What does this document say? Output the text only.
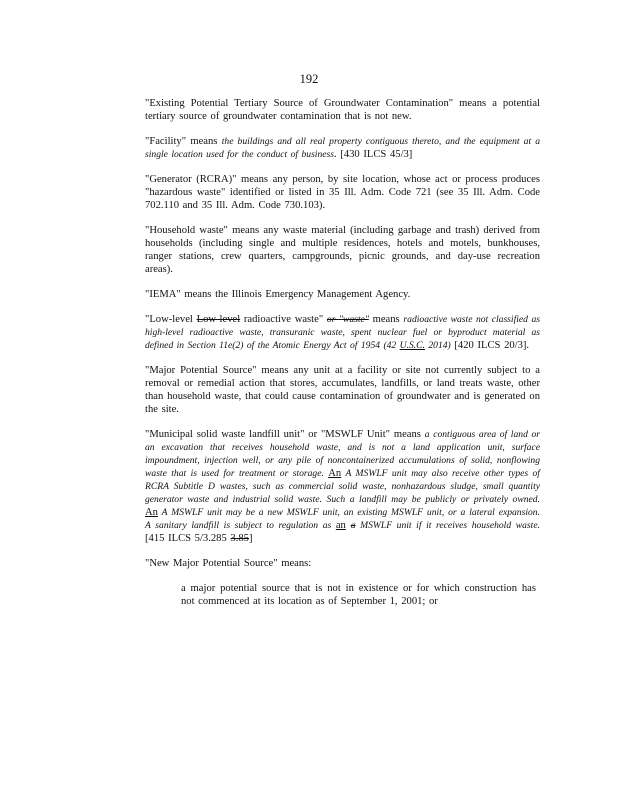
192

"Existing Potential Tertiary Source of Groundwater Contamination" means a potential tertiary source of groundwater contamination that is not new.

"Facility" means the buildings and all real property contiguous thereto, and the equipment at a single location used for the conduct of business. [430 ILCS 45/3]

"Generator (RCRA)" means any person, by site location, whose act or process produces "hazardous waste" identified or listed in 35 Ill. Adm. Code 721 (see 35 Ill. Adm. Code 702.110 and 35 Ill. Adm. Code 730.103).

"Household waste" means any waste material (including garbage and trash) derived from households (including single and multiple residences, hotels and motels, bunkhouses, ranger stations, crew quarters, campgrounds, picnic grounds, and day-use recreation areas).

"IEMA" means the Illinois Emergency Management Agency.

"Low-level Low-level radioactive waste" or "waste" means radioactive waste not classified as high-level radioactive waste, transuranic waste, spent nuclear fuel or byproduct material as defined in Section 11e(2) of the Atomic Energy Act of 1954 (42 U.S.C. 2014) [420 ILCS 20/3].

"Major Potential Source" means any unit at a facility or site not currently subject to a removal or remedial action that stores, accumulates, landfills, or land treats waste, other than household waste, that could cause contamination of groundwater and is generated on the site.

"Municipal solid waste landfill unit" or "MSWLF Unit" means a contiguous area of land or an excavation that receives household waste, and is not a land application unit, surface impoundment, injection well, or any pile of noncontainerized accumulations of solid, nonflowing waste that is used for treatment or storage. An A MSWLF unit may also receive other types of RCRA Subtitle D wastes, such as commercial solid waste, nonhazardous sludge, small quantity generator waste and industrial solid waste. Such a landfill may be publicly or privately owned. An A MSWLF unit may be a new MSWLF unit, an existing MSWLF unit, or a lateral expansion. A sanitary landfill is subject to regulation as an a MSWLF unit if it receives household waste. [415 ILCS 5/3.285 3.85]

"New Major Potential Source" means:

a major potential source that is not in existence or for which construction has not commenced at its location as of September 1, 2001; or
